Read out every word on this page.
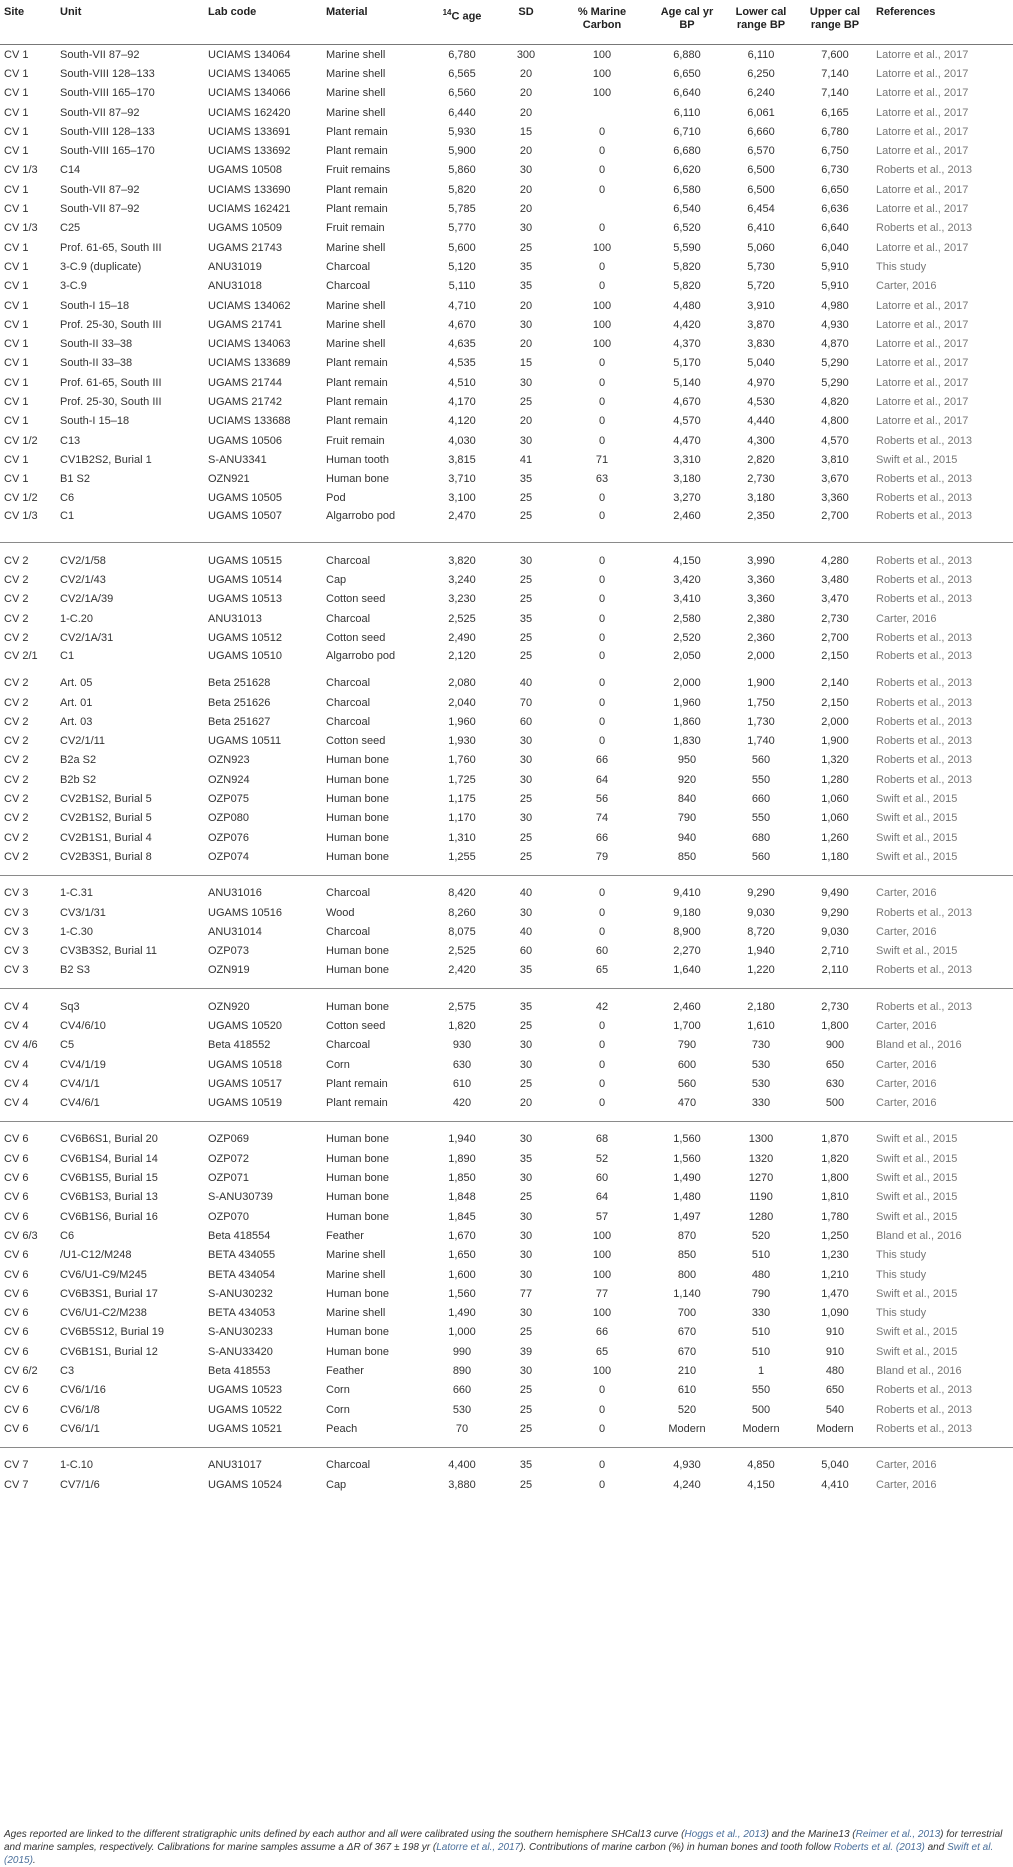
Site	Unit	Lab code	Material	$^{14}$C age	SD	% Marine Carbon	Age cal yr BP	Lower cal range BP	Upper cal range BP	References
CV 1	South-VII 87–92	UCIAMS 134064	Marine shell	6,780	300	100	6,880	6,110	7,600	Latorre et al., 2017
CV 1	South-VIII 128–133	UCIAMS 134065	Marine shell	6,565	20	100	6,650	6,250	7,140	Latorre et al., 2017
CV 1	South-VIII 165–170	UCIAMS 134066	Marine shell	6,560	20	100	6,640	6,240	7,140	Latorre et al., 2017
CV 1	South-VII 87–92	UCIAMS 162420	Marine shell	6,440	20		6,110	6,061	6,165	Latorre et al., 2017
CV 1	South-VIII 128–133	UCIAMS 133691	Plant remain	5,930	15	0	6,710	6,660	6,780	Latorre et al., 2017
CV 1	South-VIII 165–170	UCIAMS 133692	Plant remain	5,900	20	0	6,680	6,570	6,750	Latorre et al., 2017
CV 1/3	C14	UGAMS 10508	Fruit remains	5,860	30	0	6,620	6,500	6,730	Roberts et al., 2013
CV 1	South-VII 87–92	UCIAMS 133690	Plant remain	5,820	20	0	6,580	6,500	6,650	Latorre et al., 2017
CV 1	South-VII 87–92	UCIAMS 162421	Plant remain	5,785	20		6,540	6,454	6,636	Latorre et al., 2017
CV 1/3	C25	UGAMS 10509	Fruit remain	5,770	30	0	6,520	6,410	6,640	Roberts et al., 2013
CV 1	Prof. 61-65, South III	UGAMS 21743	Marine shell	5,600	25	100	5,590	5,060	6,040	Latorre et al., 2017
CV 1	3-C.9 (duplicate)	ANU31019	Charcoal	5,120	35	0	5,820	5,730	5,910	This study
CV 1	3-C.9	ANU31018	Charcoal	5,110	35	0	5,820	5,720	5,910	Carter, 2016
CV 1	South-I 15–18	UCIAMS 134062	Marine shell	4,710	20	100	4,480	3,910	4,980	Latorre et al., 2017
CV 1	Prof. 25-30, South III	UGAMS 21741	Marine shell	4,670	30	100	4,420	3,870	4,930	Latorre et al., 2017
CV 1	South-II 33–38	UCIAMS 134063	Marine shell	4,635	20	100	4,370	3,830	4,870	Latorre et al., 2017
CV 1	South-II 33–38	UCIAMS 133689	Plant remain	4,535	15	0	5,170	5,040	5,290	Latorre et al., 2017
CV 1	Prof. 61-65, South III	UGAMS 21744	Plant remain	4,510	30	0	5,140	4,970	5,290	Latorre et al., 2017
CV 1	Prof. 25-30, South III	UGAMS 21742	Plant remain	4,170	25	0	4,670	4,530	4,820	Latorre et al., 2017
CV 1	South-I 15–18	UCIAMS 133688	Plant remain	4,120	20	0	4,570	4,440	4,800	Latorre et al., 2017
CV 1/2	C13	UGAMS 10506	Fruit remain	4,030	30	0	4,470	4,300	4,570	Roberts et al., 2013
CV 1	CV1B2S2, Burial 1	S-ANU3341	Human tooth	3,815	41	71	3,310	2,820	3,810	Swift et al., 2015
CV 1	B1 S2	OZN921	Human bone	3,710	35	63	3,180	2,730	3,670	Roberts et al., 2013
CV 1/2	C6	UGAMS 10505	Pod	3,100	25	0	3,270	3,180	3,360	Roberts et al., 2013
CV 1/3	C1	UGAMS 10507	Algarrobo pod	2,470	25	0	2,460	2,350	2,700	Roberts et al., 2013
CV 2	CV2/1/58	UGAMS 10515	Charcoal	3,820	30	0	4,150	3,990	4,280	Roberts et al., 2013
CV 2	CV2/1/43	UGAMS 10514	Cap	3,240	25	0	3,420	3,360	3,480	Roberts et al., 2013
CV 2	CV2/1A/39	UGAMS 10513	Cotton seed	3,230	25	0	3,410	3,360	3,470	Roberts et al., 2013
CV 2	1-C.20	ANU31013	Charcoal	2,525	35	0	2,580	2,380	2,730	Carter, 2016
CV 2	CV2/1A/31	UGAMS 10512	Cotton seed	2,490	25	0	2,520	2,360	2,700	Roberts et al., 2013
CV 2/1	C1	UGAMS 10510	Algarrobo pod	2,120	25	0	2,050	2,000	2,150	Roberts et al., 2013
CV 2	Art. 05	Beta 251628	Charcoal	2,080	40	0	2,000	1,900	2,140	Roberts et al., 2013
CV 2	Art. 01	Beta 251626	Charcoal	2,040	70	0	1,960	1,750	2,150	Roberts et al., 2013
CV 2	Art. 03	Beta 251627	Charcoal	1,960	60	0	1,860	1,730	2,000	Roberts et al., 2013
CV 2	CV2/1/11	UGAMS 10511	Cotton seed	1,930	30	0	1,830	1,740	1,900	Roberts et al., 2013
CV 2	B2a S2	OZN923	Human bone	1,760	30	66	950	560	1,320	Roberts et al., 2013
CV 2	B2b S2	OZN924	Human bone	1,725	30	64	920	550	1,280	Roberts et al., 2013
CV 2	CV2B1S2, Burial 5	OZP075	Human bone	1,175	25	56	840	660	1,060	Swift et al., 2015
CV 2	CV2B1S2, Burial 5	OZP080	Human bone	1,170	30	74	790	550	1,060	Swift et al., 2015
CV 2	CV2B1S1, Burial 4	OZP076	Human bone	1,310	25	66	940	680	1,260	Swift et al., 2015
CV 2	CV2B3S1, Burial 8	OZP074	Human bone	1,255	25	79	850	560	1,180	Swift et al., 2015
CV 3	1-C.31	ANU31016	Charcoal	8,420	40	0	9,410	9,290	9,490	Carter, 2016
CV 3	CV3/1/31	UGAMS 10516	Wood	8,260	30	0	9,180	9,030	9,290	Roberts et al., 2013
CV 3	1-C.30	ANU31014	Charcoal	8,075	40	0	8,900	8,720	9,030	Carter, 2016
CV 3	CV3B3S2, Burial 11	OZP073	Human bone	2,525	60	60	2,270	1,940	2,710	Swift et al., 2015
CV 3	B2 S3	OZN919	Human bone	2,420	35	65	1,640	1,220	2,110	Roberts et al., 2013
CV 4	Sq3	OZN920	Human bone	2,575	35	42	2,460	2,180	2,730	Roberts et al., 2013
CV 4	CV4/6/10	UGAMS 10520	Cotton seed	1,820	25	0	1,700	1,610	1,800	Carter, 2016
CV 4/6	C5	Beta 418552	Charcoal	930	30	0	790	730	900	Bland et al., 2016
CV 4	CV4/1/19	UGAMS 10518	Corn	630	30	0	600	530	650	Carter, 2016
CV 4	CV4/1/1	UGAMS 10517	Plant remain	610	25	0	560	530	630	Carter, 2016
CV 4	CV4/6/1	UGAMS 10519	Plant remain	420	20	0	470	330	500	Carter, 2016
CV 6	CV6B6S1, Burial 20	OZP069	Human bone	1,940	30	68	1,560	1300	1,870	Swift et al., 2015
CV 6	CV6B1S4, Burial 14	OZP072	Human bone	1,890	35	52	1,560	1320	1,820	Swift et al., 2015
CV 6	CV6B1S5, Burial 15	OZP071	Human bone	1,850	30	60	1,490	1270	1,800	Swift et al., 2015
CV 6	CV6B1S3, Burial 13	S-ANU30739	Human bone	1,848	25	64	1,480	1190	1,810	Swift et al., 2015
CV 6	CV6B1S6, Burial 16	OZP070	Human bone	1,845	30	57	1,497	1280	1,780	Swift et al., 2015
CV 6/3	C6	Beta 418554	Feather	1,670	30	100	870	520	1,250	Bland et al., 2016
CV 6	/U1-C12/M248	BETA 434055	Marine shell	1,650	30	100	850	510	1,230	This study
CV 6	CV6/U1-C9/M245	BETA 434054	Marine shell	1,600	30	100	800	480	1,210	This study
CV 6	CV6B3S1, Burial 17	S-ANU30232	Human bone	1,560	77	77	1,140	790	1,470	Swift et al., 2015
CV 6	CV6/U1-C2/M238	BETA 434053	Marine shell	1,490	30	100	700	330	1,090	This study
CV 6	CV6B5S12, Burial 19	S-ANU30233	Human bone	1,000	25	66	670	510	910	Swift et al., 2015
CV 6	CV6B1S1, Burial 12	S-ANU33420	Human bone	990	39	65	670	510	910	Swift et al., 2015
CV 6/2	C3	Beta 418553	Feather	890	30	100	210	1	480	Bland et al., 2016
CV 6	CV6/1/16	UGAMS 10523	Corn	660	25	0	610	550	650	Roberts et al., 2013
CV 6	CV6/1/8	UGAMS 10522	Corn	530	25	0	520	500	540	Roberts et al., 2013
CV 6	CV6/1/1	UGAMS 10521	Peach	70	25	0	Modern	Modern	Modern	Roberts et al., 2013
CV 7	1-C.10	ANU31017	Charcoal	4,400	35	0	4,930	4,850	5,040	Carter, 2016
CV 7	CV7/1/6	UGAMS 10524	Cap	3,880	25	0	4,240	4,150	4,410	Carter, 2016

Ages reported are linked to the different stratigraphic units defined by each author and all were calibrated using the southern hemisphere SHCal13 curve (Hoggs et al., 2013) and the Marine13 (Reimer et al., 2013) for terrestrial and marine samples, respectively. Calibrations for marine samples assume a ΔR of 367 ± 198 yr (Latorre et al., 2017). Contributions of marine carbon (%) in human bones and tooth follow Roberts et al. (2013) and Swift et al. (2015).
